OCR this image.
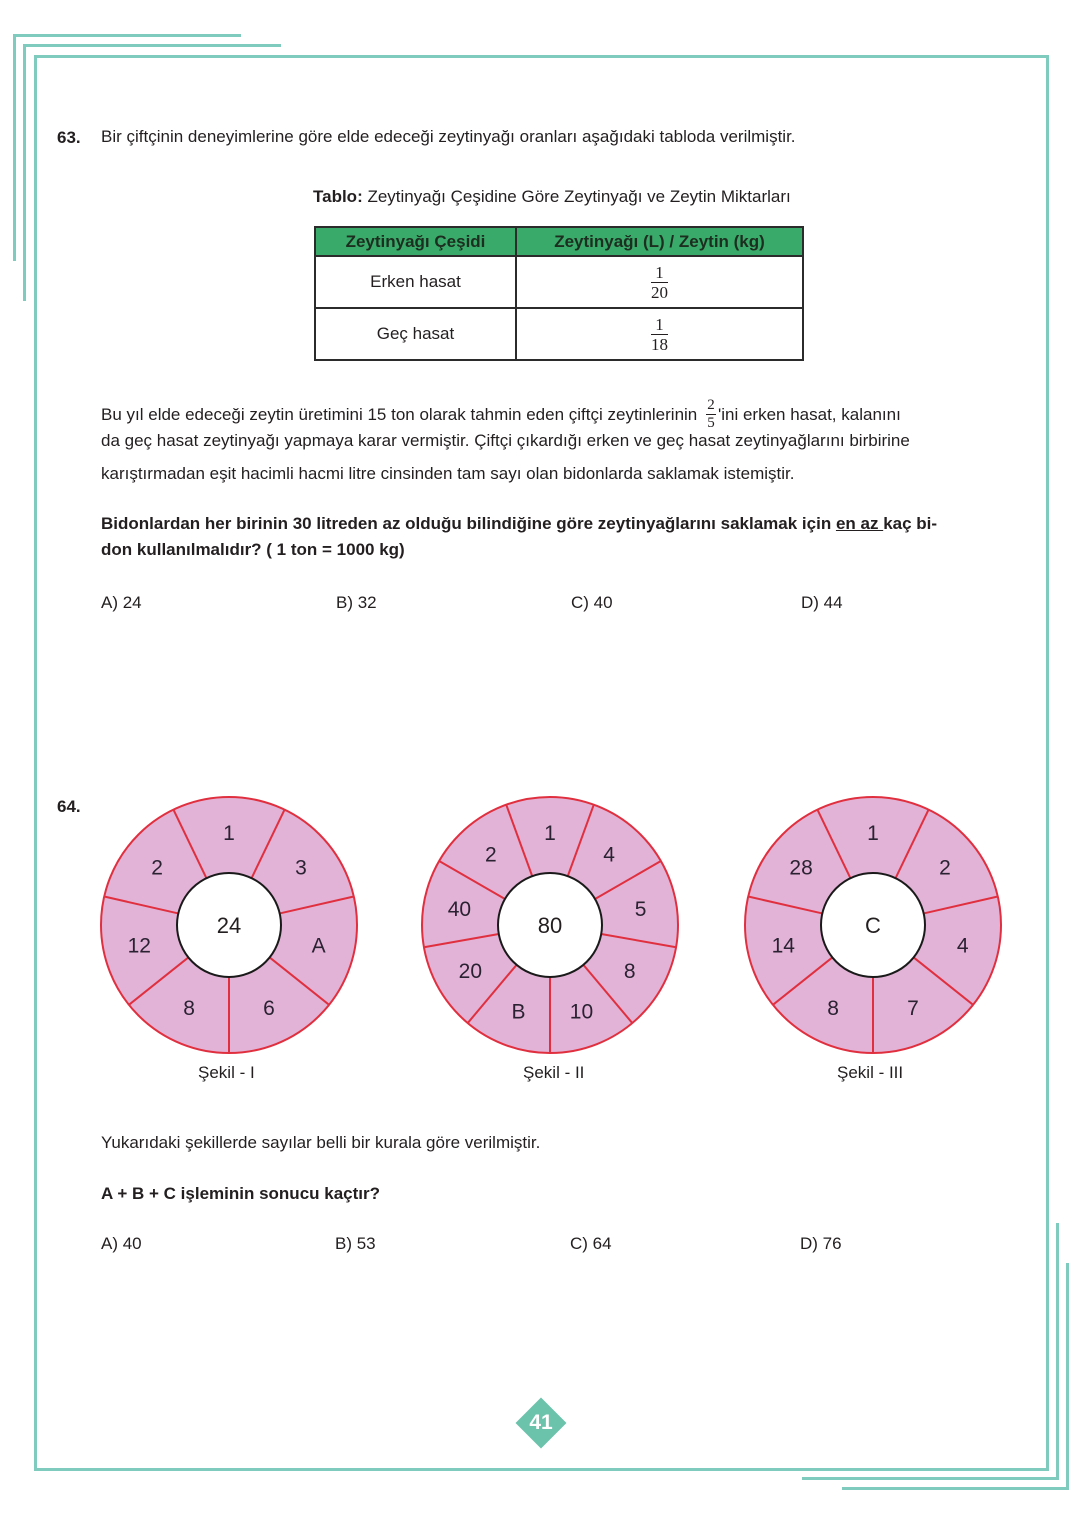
63. Bir çiftçinin deneyimlerine göre elde edeceği zeytinyağı oranları aşağıdaki tabloda verilmiştir.
Tablo: Zeytinyağı Çeşidine Göre Zeytinyağı ve Zeytin Miktarları
Zeytinyağı Çeşidi	Zeytinyağı (L) / Zeytin (kg)
Erken hasat	$\frac{1}{20}$

Geç hasat	$\frac{1}{18}$
Bu yıl elde edeceği zeytin üretimini 15 ton olarak tahmin eden çiftçi zeytinlerinin $\frac{2}{5}$ 'ini erken hasat, kalanını
da geç hasat zeytinyağı yapmaya karar vermiştir. Çiftçi çıkardığı erken ve geç hasat zeytinyağlarını birbirine
karıştırmadan eşit hacimli hacmi litre cinsinden tam sayı olan bidonlarda saklamak istemiştir.
Bidonlardan her birinin 30 litreden az olduğu bilindiğine göre zeytinyağlarını saklamak için en az kaç bi-
don kullanılmalıdır? ( 1 ton = 1000 kg)
A) 24	B) 32	C) 40	D) 44
64.
1
3
A
6
8
12
2
24
1
4
5
8
10
B
20
40
2
80
1
2
4
7
8
14
28
C
Şekil - I	Şekil - II	Şekil - III
Yukarıdaki şekillerde sayılar belli bir kurala göre verilmiştir.
A + B + C işleminin sonucu kaçtır?
A) 40	B) 53	C) 64	D) 76
41
